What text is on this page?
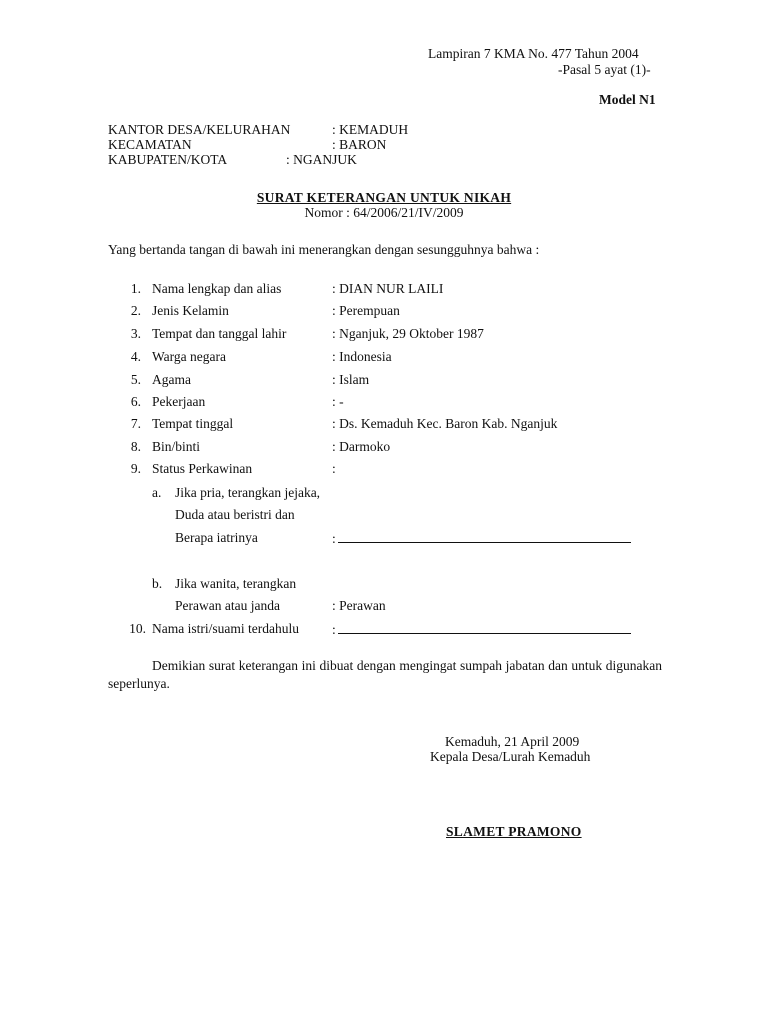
Lampiran 7 KMA No. 477 Tahun 2004
-Pasal 5 ayat (1)-
Model N1
KANTOR DESA/KELURAHAN	: KEMADUH
KECAMATAN	: BARON
KABUPATEN/KOTA	: NGANJUK
SURAT KETERANGAN UNTUK NIKAH
Nomor : 64/2006/21/IV/2009
Yang bertanda tangan di bawah ini menerangkan dengan sesungguhnya bahwa :
1. Nama lengkap dan alias	: DIAN NUR LAILI
2. Jenis Kelamin	: Perempuan
3. Tempat dan tanggal lahir	: Nganjuk, 29 Oktober 1987
4. Warga negara	: Indonesia
5. Agama	: Islam
6. Pekerjaan	: -
7. Tempat tinggal	: Ds. Kemaduh Kec. Baron Kab. Nganjuk
8. Bin/binti	: Darmoko
9. Status Perkawinan	:
a. Jika pria, terangkan jejaka,
Duda atau beristri dan
Berapa iatrinya	:
b. Jika wanita, terangkan
Perawan atau janda	: Perawan
10. Nama istri/suami terdahulu :
Demikian surat keterangan ini dibuat dengan mengingat sumpah jabatan dan untuk digunakan seperlunya.
Kemaduh, 21 April 2009
Kepala Desa/Lurah Kemaduh
SLAMET PRAMONO
